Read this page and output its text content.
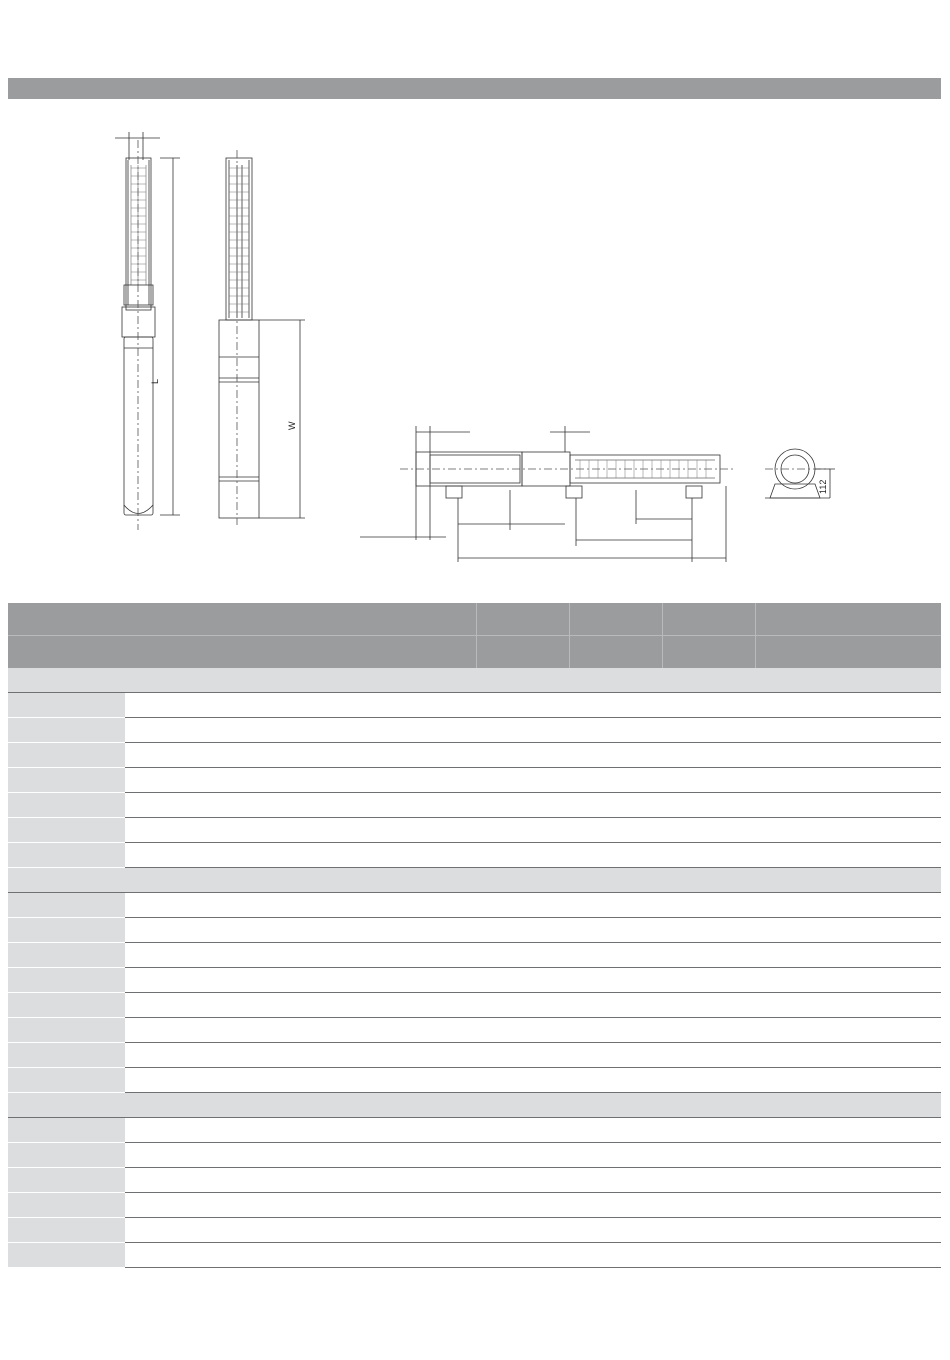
L
W
112
